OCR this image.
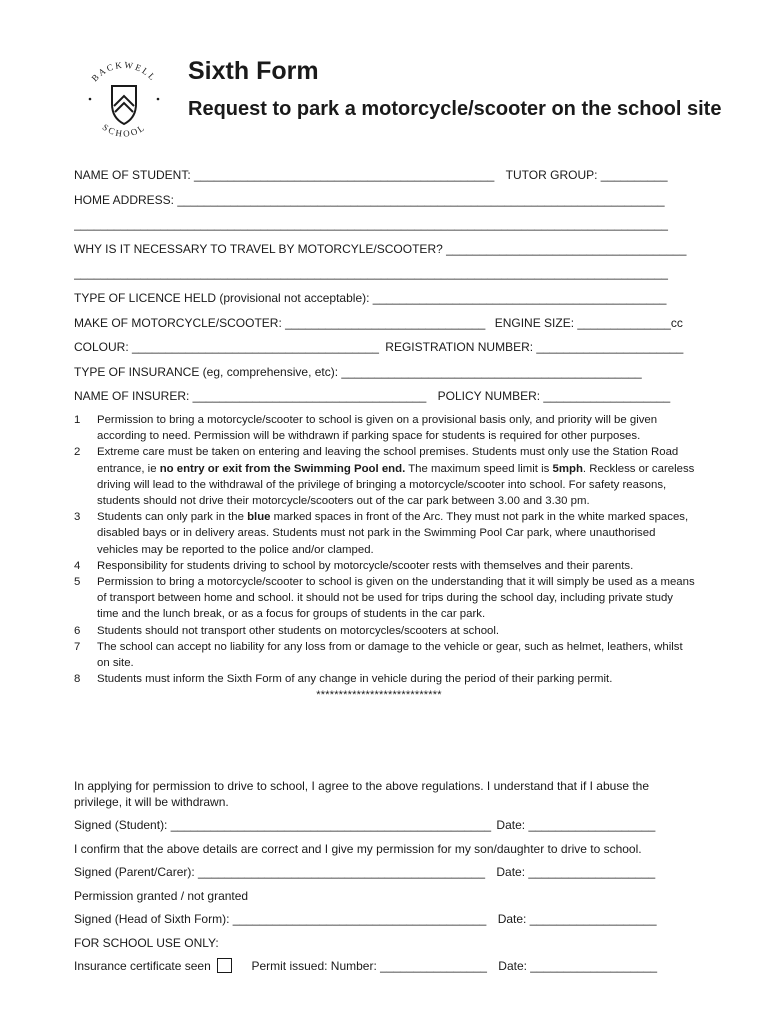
BACKWELL
SCHOOL
Sixth Form
Request to park a motorcycle/scooter on the school site
NAME OF STUDENT: _____________________________________________ TUTOR GROUP: __________
HOME ADDRESS: _________________________________________________________________________
_________________________________________________________________________________________
WHY IS IT NECESSARY TO TRAVEL BY MOTORCYLE/SCOOTER? ____________________________________
_________________________________________________________________________________________
TYPE OF LICENCE HELD (provisional not acceptable): ____________________________________________
MAKE OF MOTORCYCLE/SCOOTER: ______________________________ ENGINE SIZE: ______________cc
COLOUR: _____________________________________ REGISTRATION NUMBER: ______________________
TYPE OF INSURANCE (eg, comprehensive, etc): _____________________________________________
NAME OF INSURER: ___________________________________ POLICY NUMBER: ___________________
1 Permission to bring a motorcycle/scooter to school is given on a provisional basis only, and priority will be given according to need. Permission will be withdrawn if parking space for students is required for other purposes.
2 Extreme care must be taken on entering and leaving the school premises. Students must only use the Station Road entrance, ie no entry or exit from the Swimming Pool end. The maximum speed limit is 5mph. Reckless or careless driving will lead to the withdrawal of the privilege of bringing a motorcycle/scooter into school. For safety reasons, students should not drive their motorcycle/scooters out of the car park between 3.00 and 3.30 pm.
3 Students can only park in the blue marked spaces in front of the Arc. They must not park in the white marked spaces, disabled bays or in delivery areas. Students must not park in the Swimming Pool Car park, where unauthorised vehicles may be reported to the police and/or clamped.
4 Responsibility for students driving to school by motorcycle/scooter rests with themselves and their parents.
5 Permission to bring a motorcycle/scooter to school is given on the understanding that it will simply be used as a means of transport between home and school. it should not be used for trips during the school day, including private study time and the lunch break, or as a focus for groups of students in the car park.
6 Students should not transport other students on motorcycles/scooters at school.
7 The school can accept no liability for any loss from or damage to the vehicle or gear, such as helmet, leathers, whilst on site.
8 Students must inform the Sixth Form of any change in vehicle during the period of their parking permit.
****************************
In applying for permission to drive to school, I agree to the above regulations. I understand that if I abuse the privilege, it will be withdrawn.
Signed (Student): ________________________________________________ Date: ___________________
I confirm that the above details are correct and I give my permission for my son/daughter to drive to school.
Signed (Parent/Carer): ___________________________________________ Date: ___________________
Permission granted / not granted
Signed (Head of Sixth Form): ______________________________________ Date: ___________________
FOR SCHOOL USE ONLY:
Insurance certificate seen	Permit issued: Number: ________________ Date: ___________________
